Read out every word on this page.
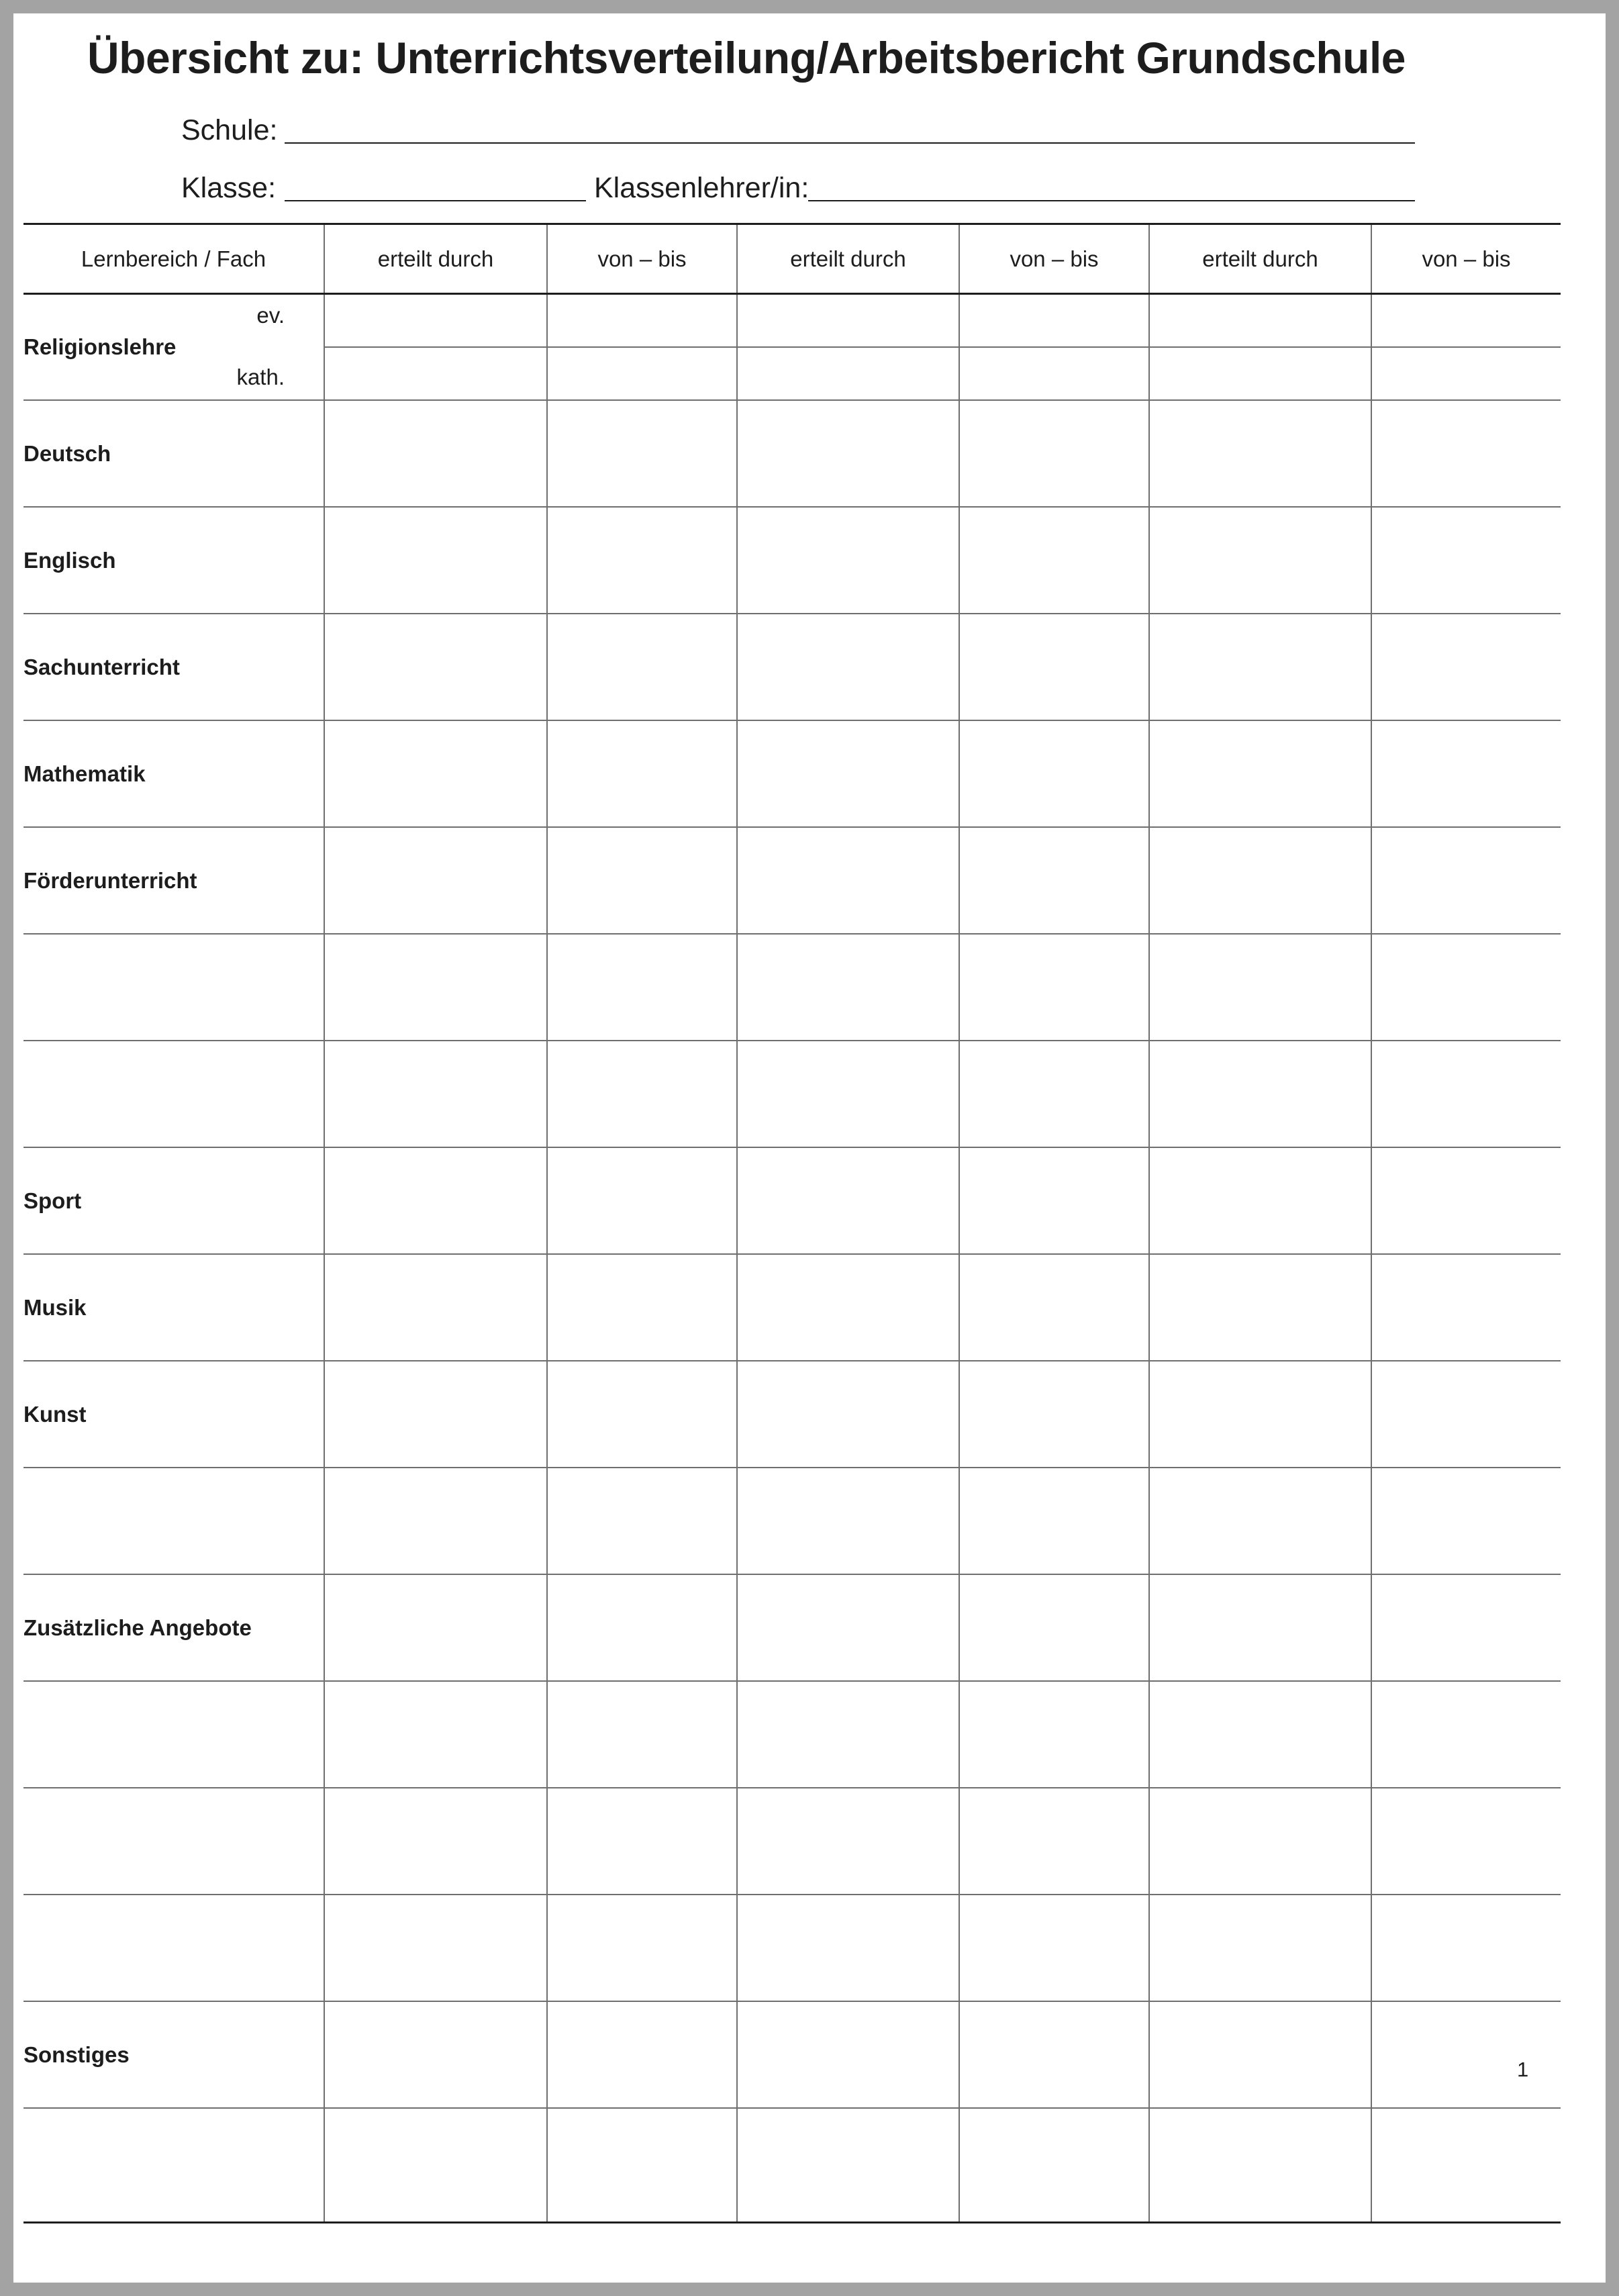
Übersicht zu: Unterrichtsverteilung/Arbeitsbericht Grundschule
Schule:
Klasse:	Klassenlehrer/in:
Lernbereich / Fach	erteilt durch	von – bis	erteilt durch	von – bis	erteilt durch	von – bis

Religionslehre
ev.
kath.						

Deutsch						
Englisch						
Sachunterricht						
Mathematik						
Förderunterricht						

Sport						
Musik						
Kunst						

Zusätzliche Angebote						

Sonstiges						

1
